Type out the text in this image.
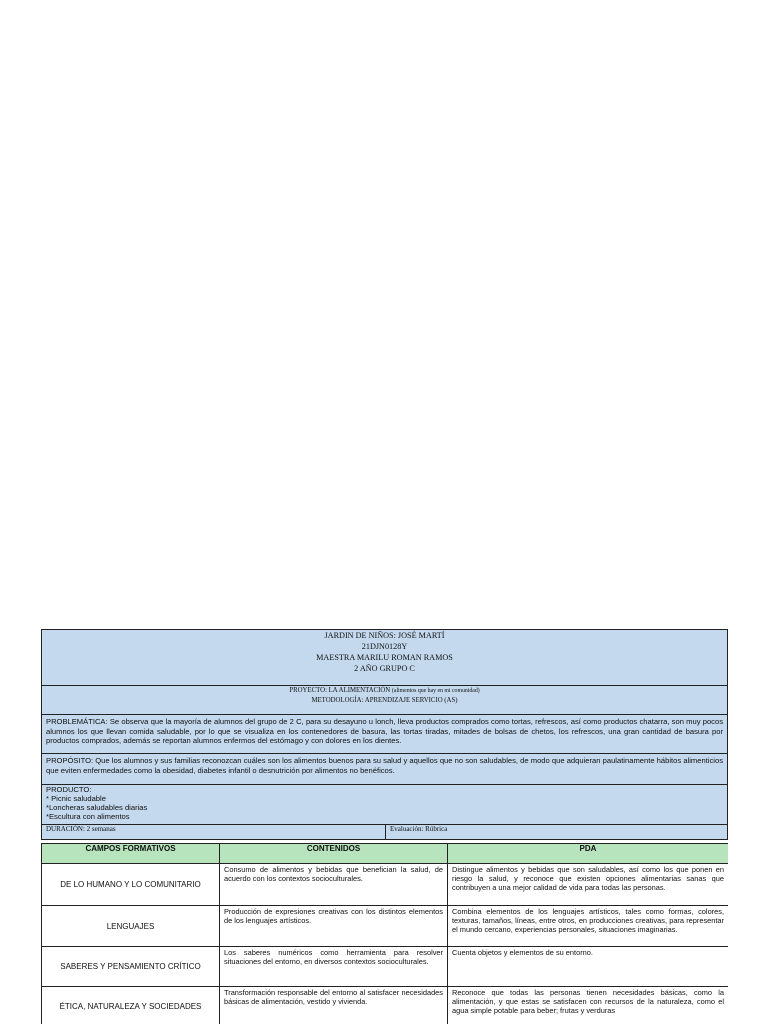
JARDIN DE NIÑOS: JOSÉ MARTÍ
21DJN0128Y
MAESTRA MARILU ROMAN RAMOS
2 AÑO GRUPO C
PROYECTO: LA ALIMENTACIÓN (alimentos que hay en mi comunidad)
METODOLOGÍA: APRENDIZAJE SERVICIO (AS)
PROBLEMÁTICA: Se observa que la mayoría de alumnos del grupo de 2 C, para su desayuno u lonch, lleva productos comprados como tortas, refrescos, así como productos chatarra, son muy pocos alumnos los que llevan comida saludable, por lo que se visualiza en los contenedores de basura, las tortas tiradas, mitades de bolsas de chetos, los refrescos, una gran cantidad de basura por productos comprados, además se reportan alumnos enfermos del estómago y con dolores en los dientes.
PROPÓSITO: Que los alumnos y sus familias reconozcan cuáles son los alimentos buenos para su salud y aquellos que no son saludables, de modo que adquieran paulatinamente hábitos alimenticios que eviten enfermedades como la obesidad, diabetes infantil o desnutrición por alimentos no benéficos.
PRODUCTO:
* Picnic saludable
*Loncheras saludables diarias
*Escultura con alimentos
DURACIÓN: 2 semanas	Evaluación: Rúbrica
CAMPOS FORMATIVOS	CONTENIDOS	PDA
DE LO HUMANO Y LO COMUNITARIO	Consumo de alimentos y bebidas que benefician la salud, de acuerdo con los contextos socioculturales.	Distingue alimentos y bebidas que son saludables, así como los que ponen en riesgo la salud, y reconoce que existen opciones alimentarias sanas que contribuyen a una mejor calidad de vida para todas las personas.
LENGUAJES	Producción de expresiones creativas con los distintos elementos de los lenguajes artísticos.	Combina elementos de los lenguajes artísticos, tales como formas, colores, texturas, tamaños, líneas, entre otros, en producciones creativas, para representar el mundo cercano, experiencias personales, situaciones imaginarias.
SABERES Y PENSAMIENTO CRÍTICO	Los saberes numéricos como herramienta para resolver situaciones del entorno, en diversos contextos socioculturales.	Cuenta objetos y elementos de su entorno.
ÉTICA, NATURALEZA Y SOCIEDADES	Transformación responsable del entorno al satisfacer necesidades básicas de alimentación, vestido y vivienda.	Reconoce que todas las personas tienen necesidades básicas, como la alimentación, y que estas se satisfacen con recursos de la naturaleza, como el agua simple potable para beber; frutas y verduras
